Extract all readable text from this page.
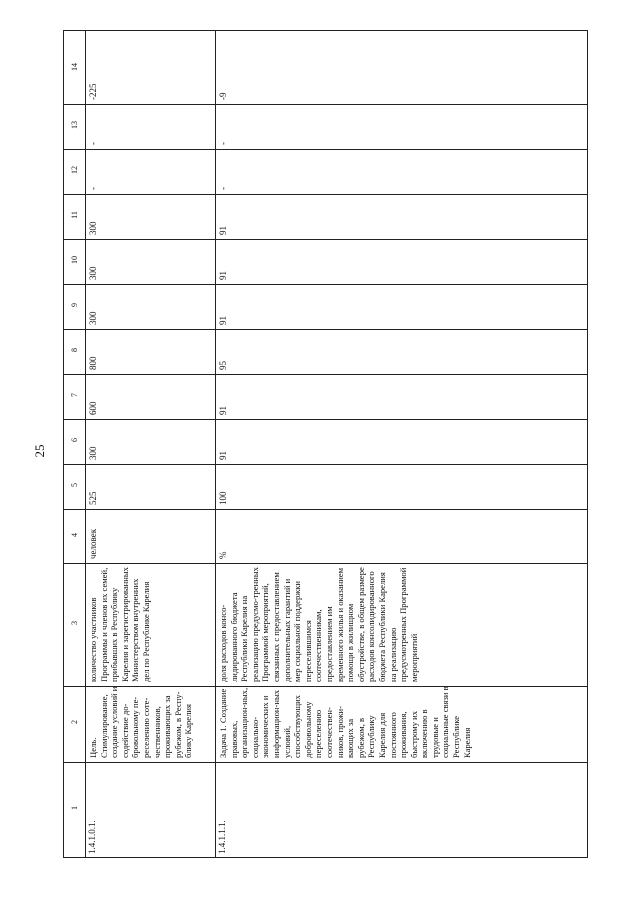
25
14
13
12
11
10
9
8
7
6
5
4
3
2
1
1.4.1.0.1.
Цель. Стимулирование, создание условий и содействие до-бровольному пе-реселению соте-чественников, проживающих за рубежом, в Респу-блику Карелия
количество участников Программы и членов их семей, прибывших в Республику Карелия и зарегистрированных Министерством внутренних дел по Республике Карелия
человек
525
300
600
800
300
300
300
-
-
-225
1.4.1.1.1.
Задача 1. Создание правовых, организацион-ных, социально-экономических и информацион-ных условий, способствующих добровольному переселению соотечествен-ников, прожи-вающих за рубежом, в Республику Карелия для постоянного проживания, быстрому их включению в трудовые и социальные связи в Республике Карелия
доля расходов консо-лидированного бюджета Республики Карелия на реализацию предусмо-тренных Программой мероприятий, связанных с предоставлением дополнительных гарантий и мер социальной поддержки переселившимся соотечественникам, предоставлением им временного жилья и оказанием помощи в жилищном обустройстве, в общем размере расходов консолидированного бюджета Республики Карелия на реализацию предусмотренных Программой мероприятий
%
100
91
91
95
91
91
91
-
-
-9
